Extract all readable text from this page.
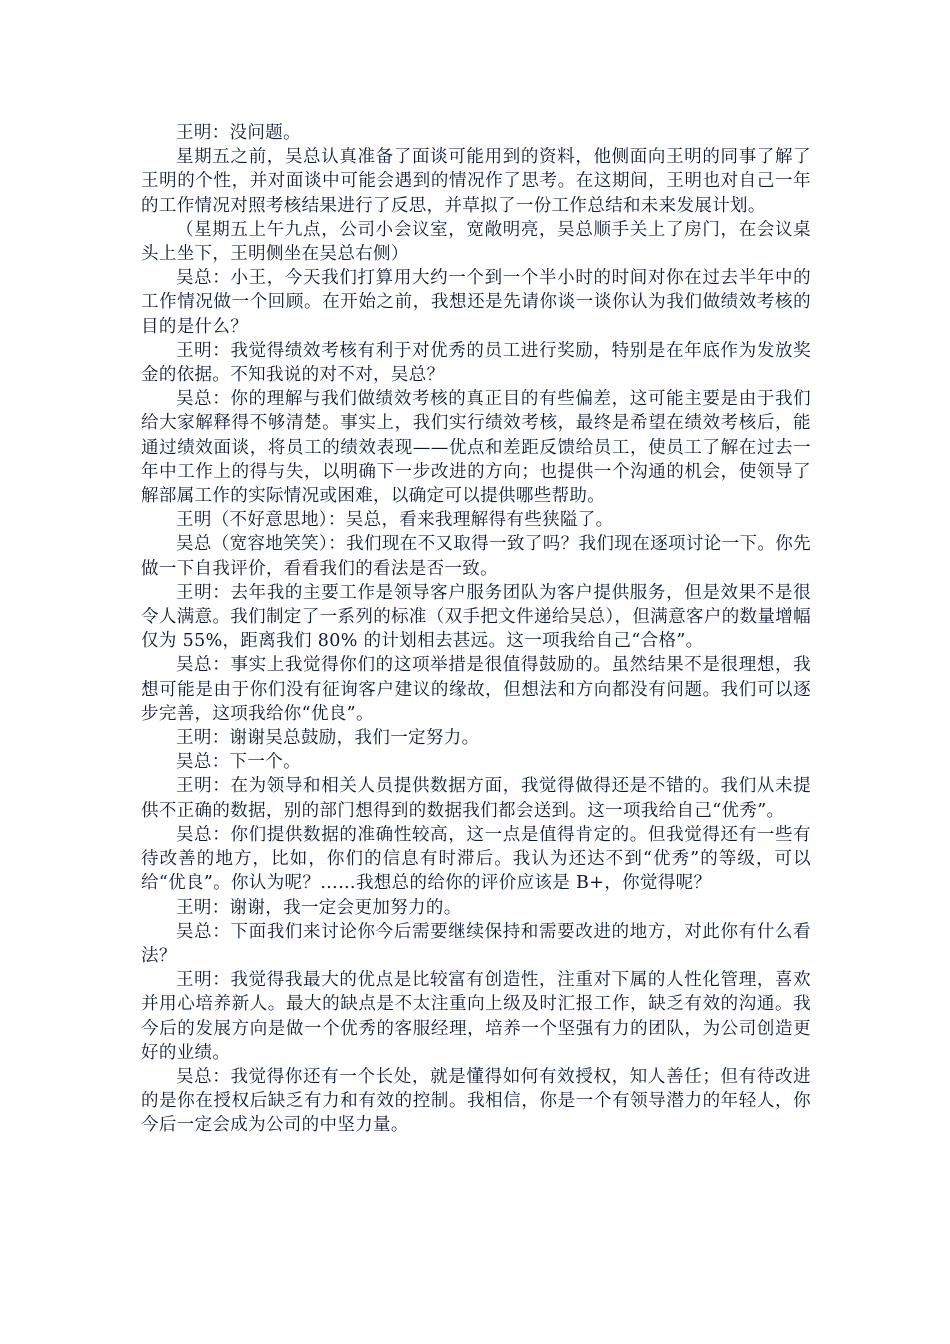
王明：没问题。

星期五之前，吴总认真准备了面谈可能用到的资料，他侧面向王明的同事了解了王明的个性，并对面谈中可能会遇到的情况作了思考。在这期间，王明也对自己一年的工作情况对照考核结果进行了反思，并草拟了一份工作总结和未来发展计划。

（星期五上午九点，公司小会议室，宽敞明亮，吴总顺手关上了房门，在会议桌头上坐下，王明侧坐在吴总右侧）

吴总：小王，今天我们打算用大约一个到一个半小时的时间对你在过去半年中的工作情况做一个回顾。在开始之前，我想还是先请你谈一谈你认为我们做绩效考核的目的是什么？

王明：我觉得绩效考核有利于对优秀的员工进行奖励，特别是在年底作为发放奖金的依据。不知我说的对不对，吴总？

吴总：你的理解与我们做绩效考核的真正目的有些偏差，这可能主要是由于我们给大家解释得不够清楚。事实上，我们实行绩效考核，最终是希望在绩效考核后，能通过绩效面谈，将员工的绩效表现——优点和差距反馈给员工，使员工了解在过去一年中工作上的得与失，以明确下一步改进的方向；也提供一个沟通的机会，使领导了解部属工作的实际情况或困难，以确定可以提供哪些帮助。

王明（不好意思地）：吴总，看来我理解得有些狭隘了。

吴总（宽容地笑笑）：我们现在不又取得一致了吗？我们现在逐项讨论一下。你先做一下自我评价，看看我们的看法是否一致。

王明：去年我的主要工作是领导客户服务团队为客户提供服务，但是效果不是很令人满意。我们制定了一系列的标准（双手把文件递给吴总），但满意客户的数量增幅仅为 55%，距离我们 80% 的计划相去甚远。这一项我给自己“合格”。

吴总：事实上我觉得你们的这项举措是很值得鼓励的。虽然结果不是很理想，我想可能是由于你们没有征询客户建议的缘故，但想法和方向都没有问题。我们可以逐步完善，这项我给你“优良”。

王明：谢谢吴总鼓励，我们一定努力。

吴总：下一个。

王明：在为领导和相关人员提供数据方面，我觉得做得还是不错的。我们从未提供不正确的数据，别的部门想得到的数据我们都会送到。这一项我给自己“优秀”。

吴总：你们提供数据的准确性较高，这一点是值得肯定的。但我觉得还有一些有待改善的地方，比如，你们的信息有时滞后。我认为还达不到“优秀”的等级，可以给“优良”。你认为呢？……我想总的给你的评价应该是 B+，你觉得呢？

王明：谢谢，我一定会更加努力的。

吴总：下面我们来讨论你今后需要继续保持和需要改进的地方，对此你有什么看法？

王明：我觉得我最大的优点是比较富有创造性，注重对下属的人性化管理，喜欢并用心培养新人。最大的缺点是不太注重向上级及时汇报工作，缺乏有效的沟通。我今后的发展方向是做一个优秀的客服经理，培养一个坚强有力的团队，为公司创造更好的业绩。

吴总：我觉得你还有一个长处，就是懂得如何有效授权，知人善任；但有待改进的是你在授权后缺乏有力和有效的控制。我相信，你是一个有领导潜力的年轻人，你今后一定会成为公司的中坚力量。
